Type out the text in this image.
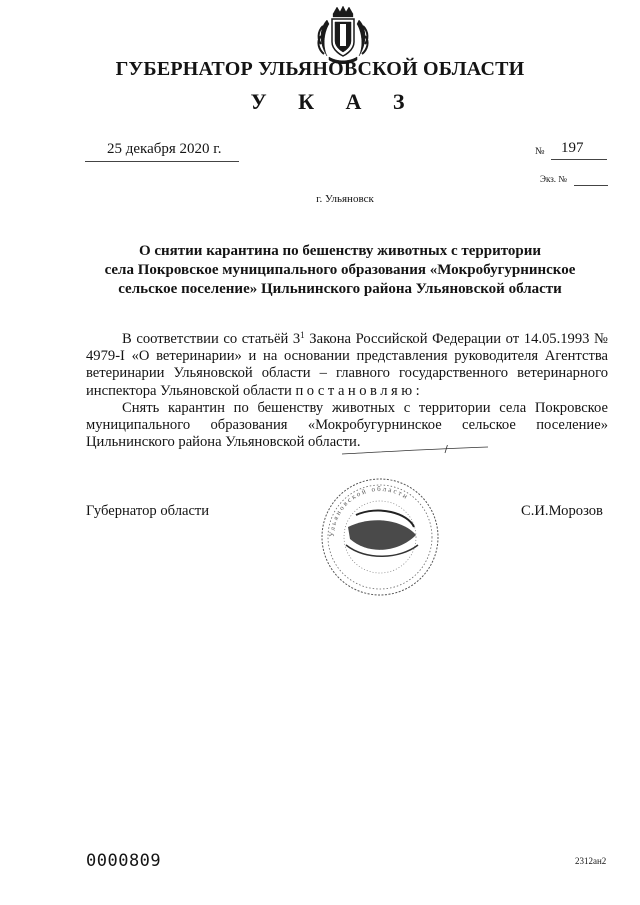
ГУБЕРНАТОР УЛЬЯНОВСКОЙ ОБЛАСТИ
У К А З
25 декабря 2020 г.	№ 197
Экз. №
г. Ульяновск
О снятии карантина по бешенству животных с территории
села Покровское муниципального образования «Мокробугурнинское
сельское поселение» Цильнинского района Ульяновской области

В соответствии со статьёй $3^1$ Закона Российской Федерации от 14.05.1993 № 4979-I «О ветеринарии» и на основании представления руководителя Агентства ветеринарии Ульяновской области – главного государственного ветеринарного инспектора Ульяновской области постановляю:

Снять карантин по бешенству животных с территории села Покровское муниципального образования «Мокробугурнинское сельское поселение» Цильнинского района Ульяновской области.

Губернатор области	С.И.Морозов
Ульяновской области
0000809	2312ан2
